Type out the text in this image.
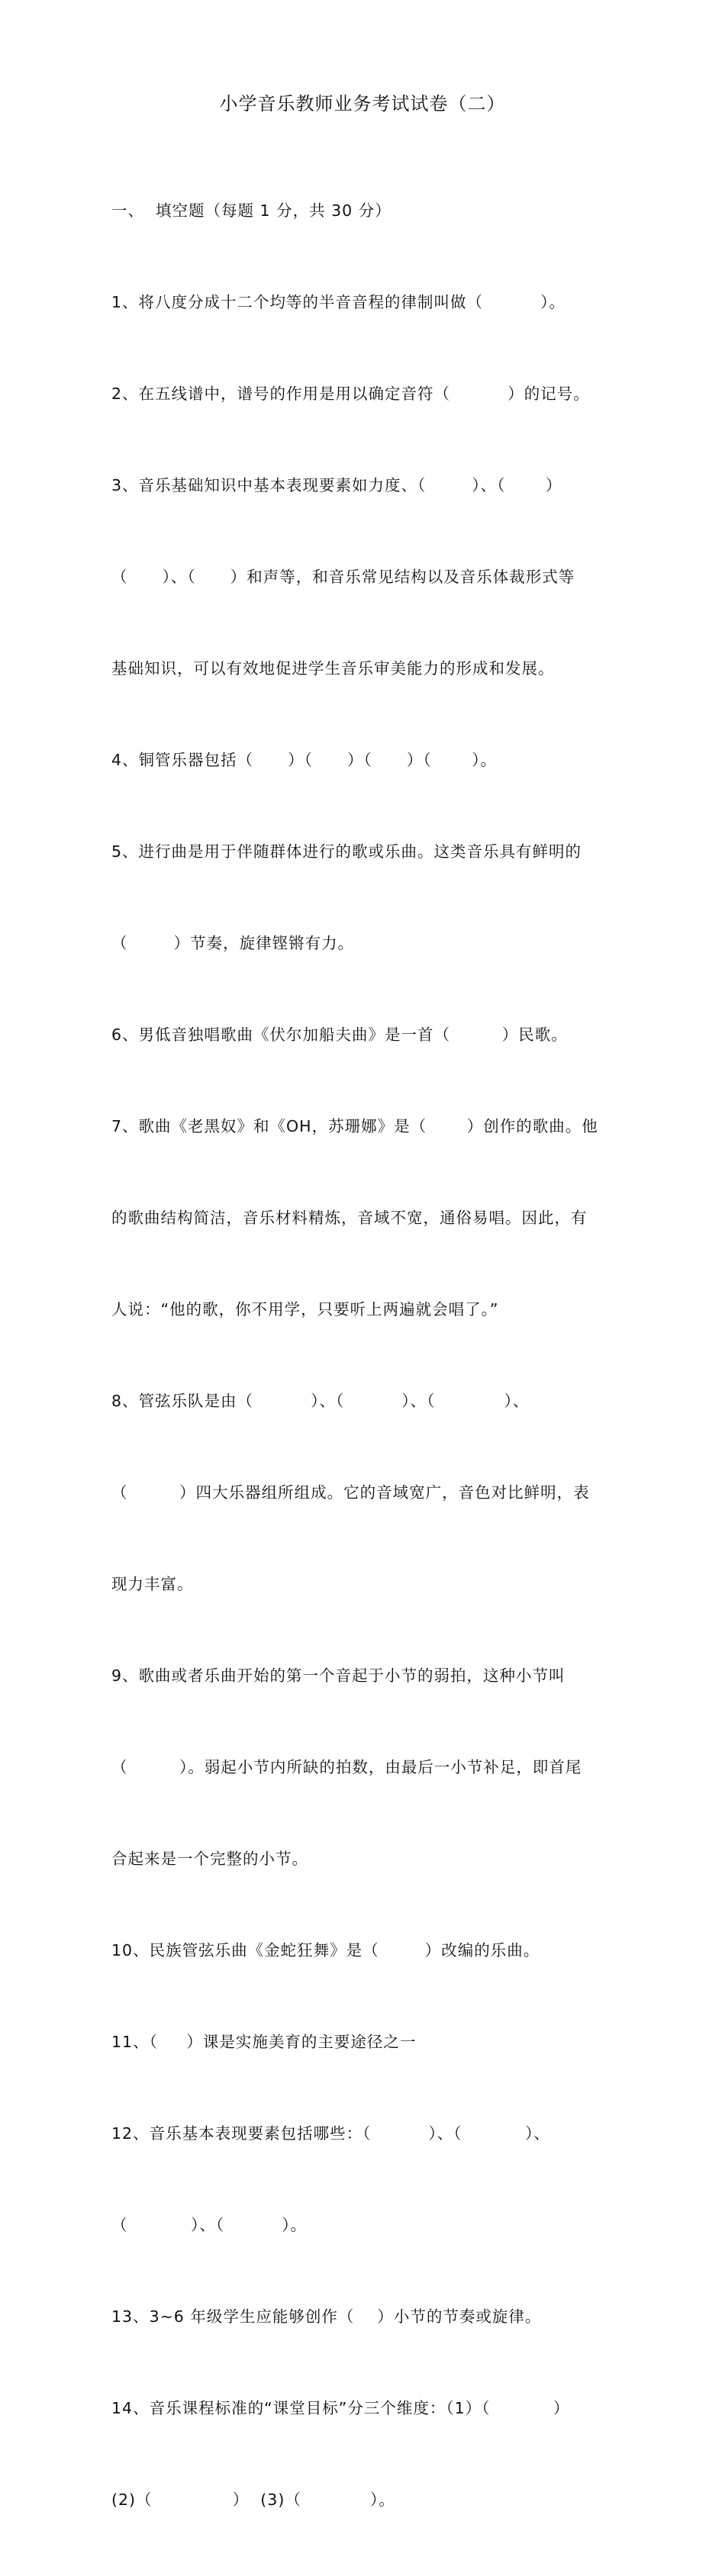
小学音乐教师业务考试试卷（二）

一、  填空题（每题 1 分，共 30 分）

1、将八度分成十二个均等的半音音程的律制叫做（          ）。

2、在五线谱中，谱号的作用是用以确定音符（          ）的记号。

3、音乐基础知识中基本表现要素如力度、（        ）、（       ）

（      ）、（      ）和声等，和音乐常见结构以及音乐体裁形式等

基础知识，可以有效地促进学生音乐审美能力的形成和发展。

4、铜管乐器包括（      ）（      ）（      ）（       ）。

5、进行曲是用于伴随群体进行的歌或乐曲。这类音乐具有鲜明的

（        ）节奏，旋律铿锵有力。

6、男低音独唱歌曲《伏尔加船夫曲》是一首（         ）民歌。

7、歌曲《老黑奴》和《OH，苏珊娜》是（       ）创作的歌曲。他

的歌曲结构简洁，音乐材料精炼，音域不宽，通俗易唱。因此，有

人说：“他的歌，你不用学，只要听上两遍就会唱了。”

8、管弦乐队是由（          ）、（          ）、（            ）、

（         ）四大乐器组所组成。它的音域宽广，音色对比鲜明，表

现力丰富。

9、歌曲或者乐曲开始的第一个音起于小节的弱拍，这种小节叫

（         ）。弱起小节内所缺的拍数，由最后一小节补足，即首尾

合起来是一个完整的小节。

10、民族管弦乐曲《金蛇狂舞》是（        ）改编的乐曲。

11、（     ）课是实施美育的主要途径之一

12、音乐基本表现要素包括哪些：（          ）、（           ）、

（           ）、（          ）。

13、3~6 年级学生应能够创作（    ）小节的节奏或旋律。

14、音乐课程标准的“课堂目标”分三个维度：（1）（           ）

(2)（              ）  (3)（            ）。
